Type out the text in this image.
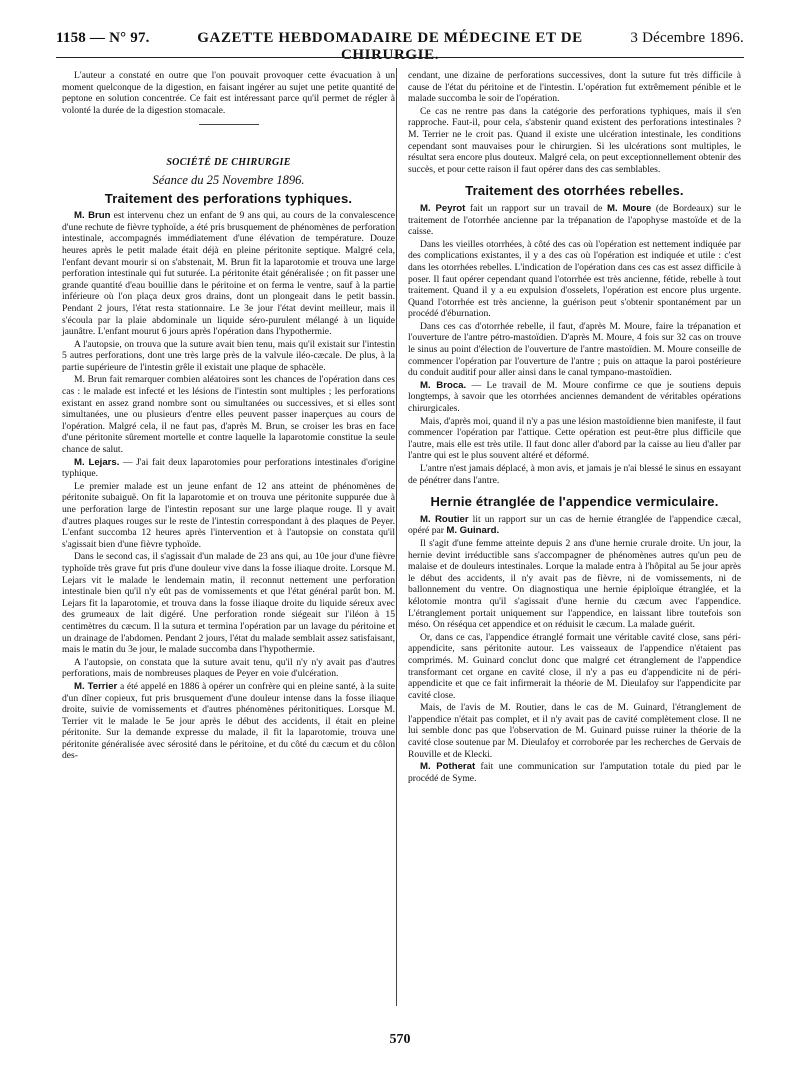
1158 — N° 97.	GAZETTE HEBDOMADAIRE DE MÉDECINE ET DE CHIRURGIE.
3 Décembre 1896.

L'auteur a constaté en outre que l'on pouvait provoquer cette évacuation à un moment quelconque de la digestion, en faisant ingérer au sujet une petite quantité de peptone en solution concentrée. Ce fait est intéressant parce qu'il permet de régler à volonté la durée de la digestion stomacale.

SOCIÉTÉ DE CHIRURGIE
Séance du 25 Novembre 1896.
Traitement des perforations typhiques.

M. Brun est intervenu chez un enfant de 9 ans qui, au cours de la convalescence d'une rechute de fièvre typhoïde, a été pris brusquement de phénomènes de perforation intestinale, accompagnés immédiatement d'une élévation de température. Douze heures après le petit malade était déjà en pleine péritonite septique. Malgré cela, l'enfant devant mourir si on s'abstenait, M. Brun fit la laparotomie et trouva une large perforation intestinale qui fut suturée. La péritonite était généralisée ; on fit passer une grande quantité d'eau bouillie dans le péritoine et on ferma le ventre, sauf à la partie inférieure où l'on plaça deux gros drains, dont un plongeait dans le petit bassin. Pendant 2 jours, l'état resta stationnaire. Le 3e jour l'état devint meilleur, mais il s'écoula par la plaie abdominale un liquide séro-purulent mélangé à un liquide jaunâtre. L'enfant mourut 6 jours après l'opération dans l'hypothermie.

A l'autopsie, on trouva que la suture avait bien tenu, mais qu'il existait sur l'intestin 5 autres perforations, dont une très large près de la valvule iléo-cæcale. De plus, à la partie supérieure de l'intestin grêle il existait une plaque de sphacèle.

M. Brun fait remarquer combien aléatoires sont les chances de l'opération dans ces cas : le malade est infecté et les lésions de l'intestin sont multiples ; les perforations existant en assez grand nombre sont ou simultanées ou successives, et si elles sont simultanées, une ou plusieurs d'entre elles peuvent passer inaperçues au cours de l'opération. Malgré cela, il ne faut pas, d'après M. Brun, se croiser les bras en face d'une péritonite sûrement mortelle et contre laquelle la laparotomie constitue la seule chance de salut.

M. Lejars. — J'ai fait deux laparotomies pour perforations intestinales d'origine typhique.

Le premier malade est un jeune enfant de 12 ans atteint de phénomènes de péritonite subaiguë. On fit la laparotomie et on trouva une péritonite suppurée due à une perforation large de l'intestin reposant sur une large plaque rouge. Il y avait d'autres plaques rouges sur le reste de l'intestin correspondant à des plaques de Peyer. L'enfant succomba 12 heures après l'intervention et à l'autopsie on constata qu'il s'agissait bien d'une fièvre typhoïde.

Dans le second cas, il s'agissait d'un malade de 23 ans qui, au 10e jour d'une fièvre typhoïde très grave fut pris d'une douleur vive dans la fosse iliaque droite. Lorsque M. Lejars vit le malade le lendemain matin, il reconnut nettement une perforation intestinale bien qu'il n'y eût pas de vomissements et que l'état général parût bon. M. Lejars fit la laparotomie, et trouva dans la fosse iliaque droite du liquide séreux avec des grumeaux de lait digéré. Une perforation ronde siégeait sur l'iléon à 15 centimètres du cæcum. Il la sutura et termina l'opération par un lavage du péritoine et un drainage de l'abdomen. Pendant 2 jours, l'état du malade semblait assez satisfaisant, mais le matin du 3e jour, le malade succomba dans l'hypothermie.

A l'autopsie, on constata que la suture avait tenu, qu'il n'y n'y avait pas d'autres perforations, mais de nombreuses plaques de Peyer en voie d'ulcération.

M. Terrier a été appelé en 1886 à opérer un confrère qui en pleine santé, à la suite d'un dîner copieux, fut pris brusquement d'une douleur intense dans la fosse iliaque droite, suivie de vomissements et d'autres phénomènes péritonitiques. Lorsque M. Terrier vit le malade le 5e jour après le début des accidents, il était en pleine péritonite. Sur la demande expresse du malade, il fit la laparotomie, trouva une péritonite généralisée avec sérosité dans le péritoine, et du côté du cæcum et du côlon des-

cendant, une dizaine de perforations successives, dont la suture fut très difficile à cause de l'état du péritoine et de l'intestin. L'opération fut extrêmement pénible et le malade succomba le soir de l'opération.

Ce cas ne rentre pas dans la catégorie des perforations typhiques, mais il s'en rapproche. Faut-il, pour cela, s'abstenir quand existent des perforations intestinales ? M. Terrier ne le croit pas. Quand il existe une ulcération intestinale, les conditions cependant sont mauvaises pour le chirurgien. Si les ulcérations sont multiples, le résultat sera encore plus douteux. Malgré cela, on peut exceptionnellement obtenir des succès, et pour cette raison il faut opérer dans des cas semblables.

Traitement des otorrhées rebelles.

M. Peyrot fait un rapport sur un travail de M. Moure (de Bordeaux) sur le traitement de l'otorrhée ancienne par la trépanation de l'apophyse mastoïde et de la caisse.

Dans les vieilles otorrhées, à côté des cas où l'opération est nettement indiquée par des complications existantes, il y a des cas où l'opération est indiquée et utile : c'est dans les otorrhées rebelles. L'indication de l'opération dans ces cas est assez difficile à poser. Il faut opérer cependant quand l'otorrhée est très ancienne, fétide, rebelle à tout traitement. Quand il y a eu expulsion d'osselets, l'opération est encore plus urgente. Quand l'otorrhée est très ancienne, la guérison peut s'obtenir spontanément par un procédé d'éburnation.

Dans ces cas d'otorrhée rebelle, il faut, d'après M. Moure, faire la trépanation et l'ouverture de l'antre pétro-mastoïdien. D'après M. Moure, 4 fois sur 32 cas on trouve le sinus au point d'élection de l'ouverture de l'antre mastoïdien. M. Moure conseille de commencer l'opération par l'ouverture de l'antre ; puis on attaque la paroi postérieure du conduit auditif pour aller ainsi dans le canal tympano-mastoïdien.

M. Broca. — Le travail de M. Moure confirme ce que je soutiens depuis longtemps, à savoir que les otorrhées anciennes demandent de véritables opérations chirurgicales.

Mais, d'après moi, quand il n'y a pas une lésion mastoïdienne bien manifeste, il faut commencer l'opération par l'attique. Cette opération est peut-être plus difficile que l'autre, mais elle est très utile. Il faut donc aller d'abord par la caisse au lieu d'aller par l'antre qui est le plus souvent altéré et déformé.

L'antre n'est jamais déplacé, à mon avis, et jamais je n'ai blessé le sinus en essayant de pénétrer dans l'antre.

Hernie étranglée de l'appendice vermiculaire.

M. Routier lit un rapport sur un cas de hernie étranglée de l'appendice cæcal, opéré par M. Guinard.

Il s'agit d'une femme atteinte depuis 2 ans d'une hernie crurale droite. Un jour, la hernie devint irréductible sans s'accompagner de phénomènes autres qu'un peu de malaise et de douleurs intestinales. Lorque la malade entra à l'hôpital au 5e jour après le début des accidents, il n'y avait pas de fièvre, ni de vomissements, ni de ballonnement du ventre. On diagnostiqua une hernie épiploïque étranglée, et la kélotomie montra qu'il s'agissait d'une hernie du cæcum avec l'appendice. L'étranglement portait uniquement sur l'appendice, en laissant libre toutefois son méso. On réséqua cet appendice et on réduisit le cæcum. La malade guérit.

Or, dans ce cas, l'appendice étranglé formait une véritable cavité close, sans péri-appendicite, sans péritonite autour. Les vaisseaux de l'appendice n'étaient pas comprimés. M. Guinard conclut donc que malgré cet étranglement de l'appendice transformant cet organe en cavité close, il n'y a pas eu d'appendicite ni de péri-appendicite et que ce fait infirmerait la théorie de M. Dieulafoy sur l'appendicite par cavité close.

Mais, de l'avis de M. Routier, dans le cas de M. Guinard, l'étranglement de l'appendice n'était pas complet, et il n'y avait pas de cavité complètement close. Il ne lui semble donc pas que l'observation de M. Guinard puisse ruiner la théorie de la cavité close soutenue par M. Dieulafoy et corroborée par les recherches de Gervais de Rouville et de Klecki.

M. Potherat fait une communication sur l'amputation totale du pied par le procédé de Syme.

570
